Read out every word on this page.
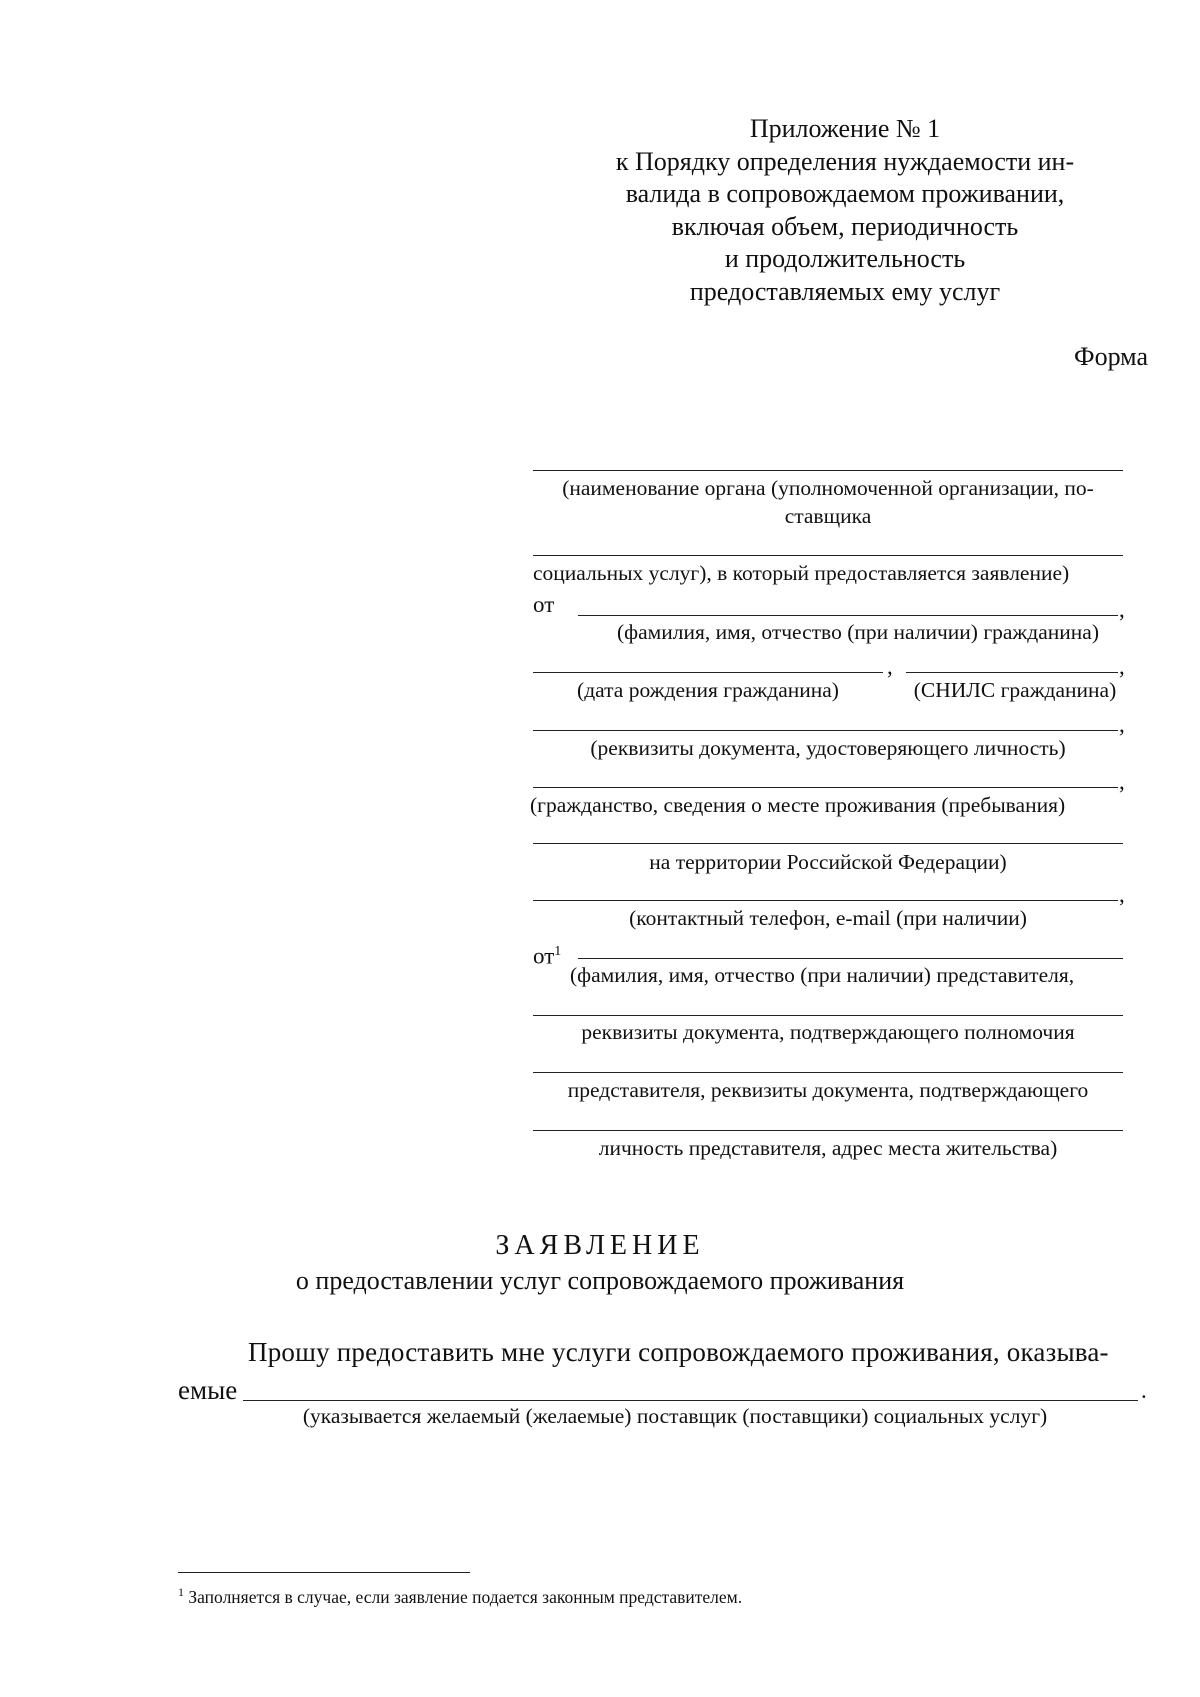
Приложение № 1
к Порядку определения нуждаемости ин-
валида в сопровождаемом проживании,
включая объем, периодичность
и продолжительность
предоставляемых ему услуг
Форма
(наименование органа (уполномоченной организации, по-
ставщика
социальных услуг), в который предоставляется заявление)
от	,
(фамилия, имя, отчество (при наличии) гражданина)
,	,
(дата рождения гражданина)	(СНИЛС гражданина)
,
(реквизиты документа, удостоверяющего личность)
,
(гражданство, сведения о месте проживания (пребывания)
на территории Российской Федерации)
,
(контактный телефон, e-mail (при наличии)
$от^1$
(фамилия, имя, отчество (при наличии) представителя,
реквизиты документа, подтверждающего полномочия
представителя, реквизиты документа, подтверждающего
личность представителя, адрес места жительства)
ЗАЯВЛЕНИЕ
о предоставлении услуг сопровождаемого проживания
Прошу предоставить мне услуги сопровождаемого проживания, оказыва-
емые	.
(указывается желаемый (желаемые) поставщик (поставщики) социальных услуг)
$^1$ Заполняется в случае, если заявление подается законным представителем.
